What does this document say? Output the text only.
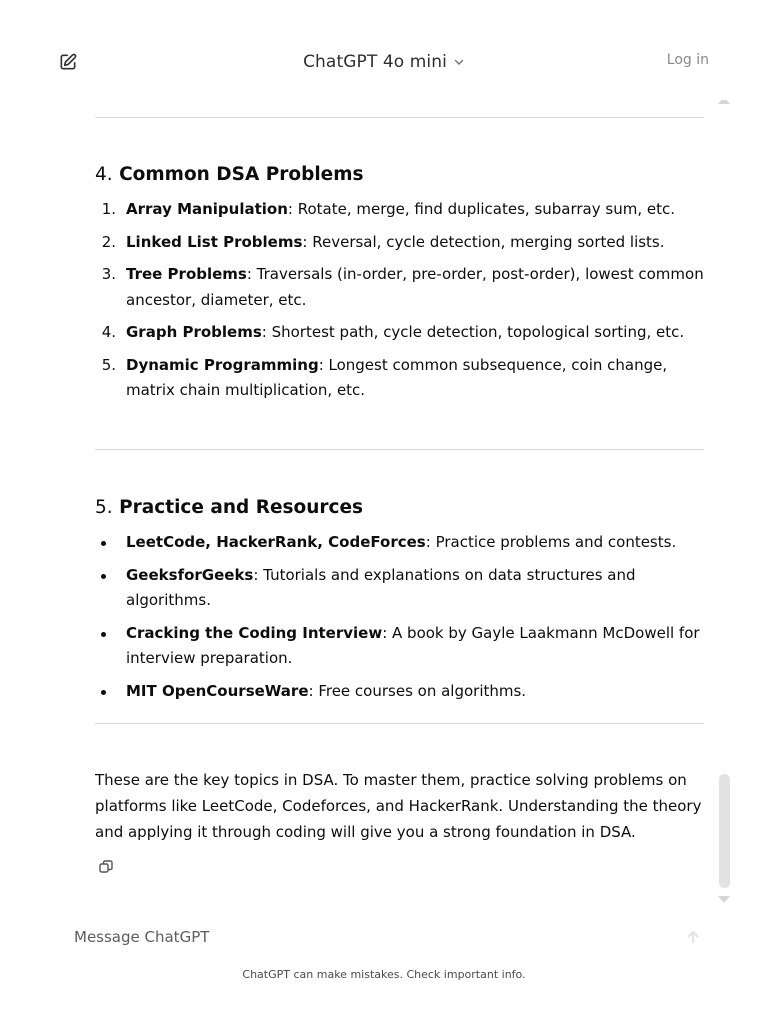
ChatGPT 4o mini	Log in
4. Common DSA Problems
1. Array Manipulation: Rotate, merge, find duplicates, subarray sum, etc.
2. Linked List Problems: Reversal, cycle detection, merging sorted lists.
3. Tree Problems: Traversals (in-order, pre-order, post-order), lowest common ancestor, diameter, etc.
4. Graph Problems: Shortest path, cycle detection, topological sorting, etc.
5. Dynamic Programming: Longest common subsequence, coin change, matrix chain multiplication, etc.
5. Practice and Resources
LeetCode, HackerRank, CodeForces: Practice problems and contests.
GeeksforGeeks: Tutorials and explanations on data structures and algorithms.
Cracking the Coding Interview: A book by Gayle Laakmann McDowell for interview preparation.
MIT OpenCourseWare: Free courses on algorithms.

These are the key topics in DSA. To master them, practice solving problems on platforms like LeetCode, Codeforces, and HackerRank. Understanding the theory and applying it through coding will give you a strong foundation in DSA.

Message ChatGPT
ChatGPT can make mistakes. Check important info.
